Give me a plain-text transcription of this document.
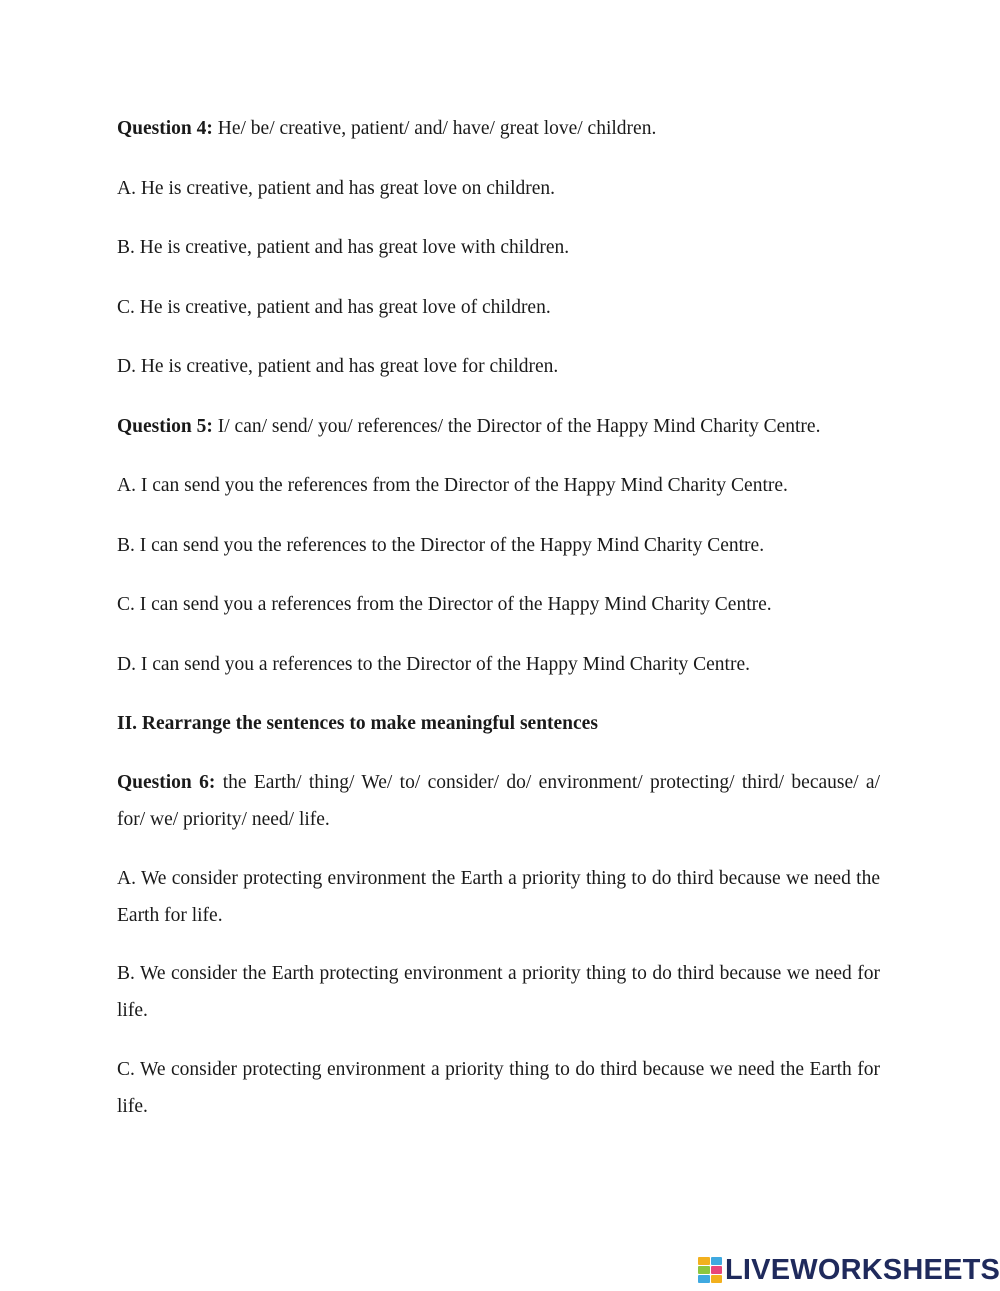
Question 4: He/ be/ creative, patient/ and/ have/ great love/ children.

A. He is creative, patient and has great love on children.

B. He is creative, patient and has great love with children.

C. He is creative, patient and has great love of children.

D. He is creative, patient and has great love for children.

Question 5: I/ can/ send/ you/ references/ the Director of the Happy Mind Charity Centre.

A. I can send you the references from the Director of the Happy Mind Charity Centre.

B. I can send you the references to the Director of the Happy Mind Charity Centre.

C. I can send you a references from the Director of the Happy Mind Charity Centre.

D. I can send you a references to the Director of the Happy Mind Charity Centre.

II. Rearrange the sentences to make meaningful sentences

Question 6: the Earth/ thing/ We/ to/ consider/ do/ environment/ protecting/ third/ because/ a/ for/ we/ priority/ need/ life.

A. We consider protecting environment the Earth a priority thing to do third because we need the Earth for life.

B. We consider the Earth protecting environment a priority thing to do third because we need for life.

C. We consider protecting environment a priority thing to do third because we need the Earth for life.

LIVEWORKSHEETS
